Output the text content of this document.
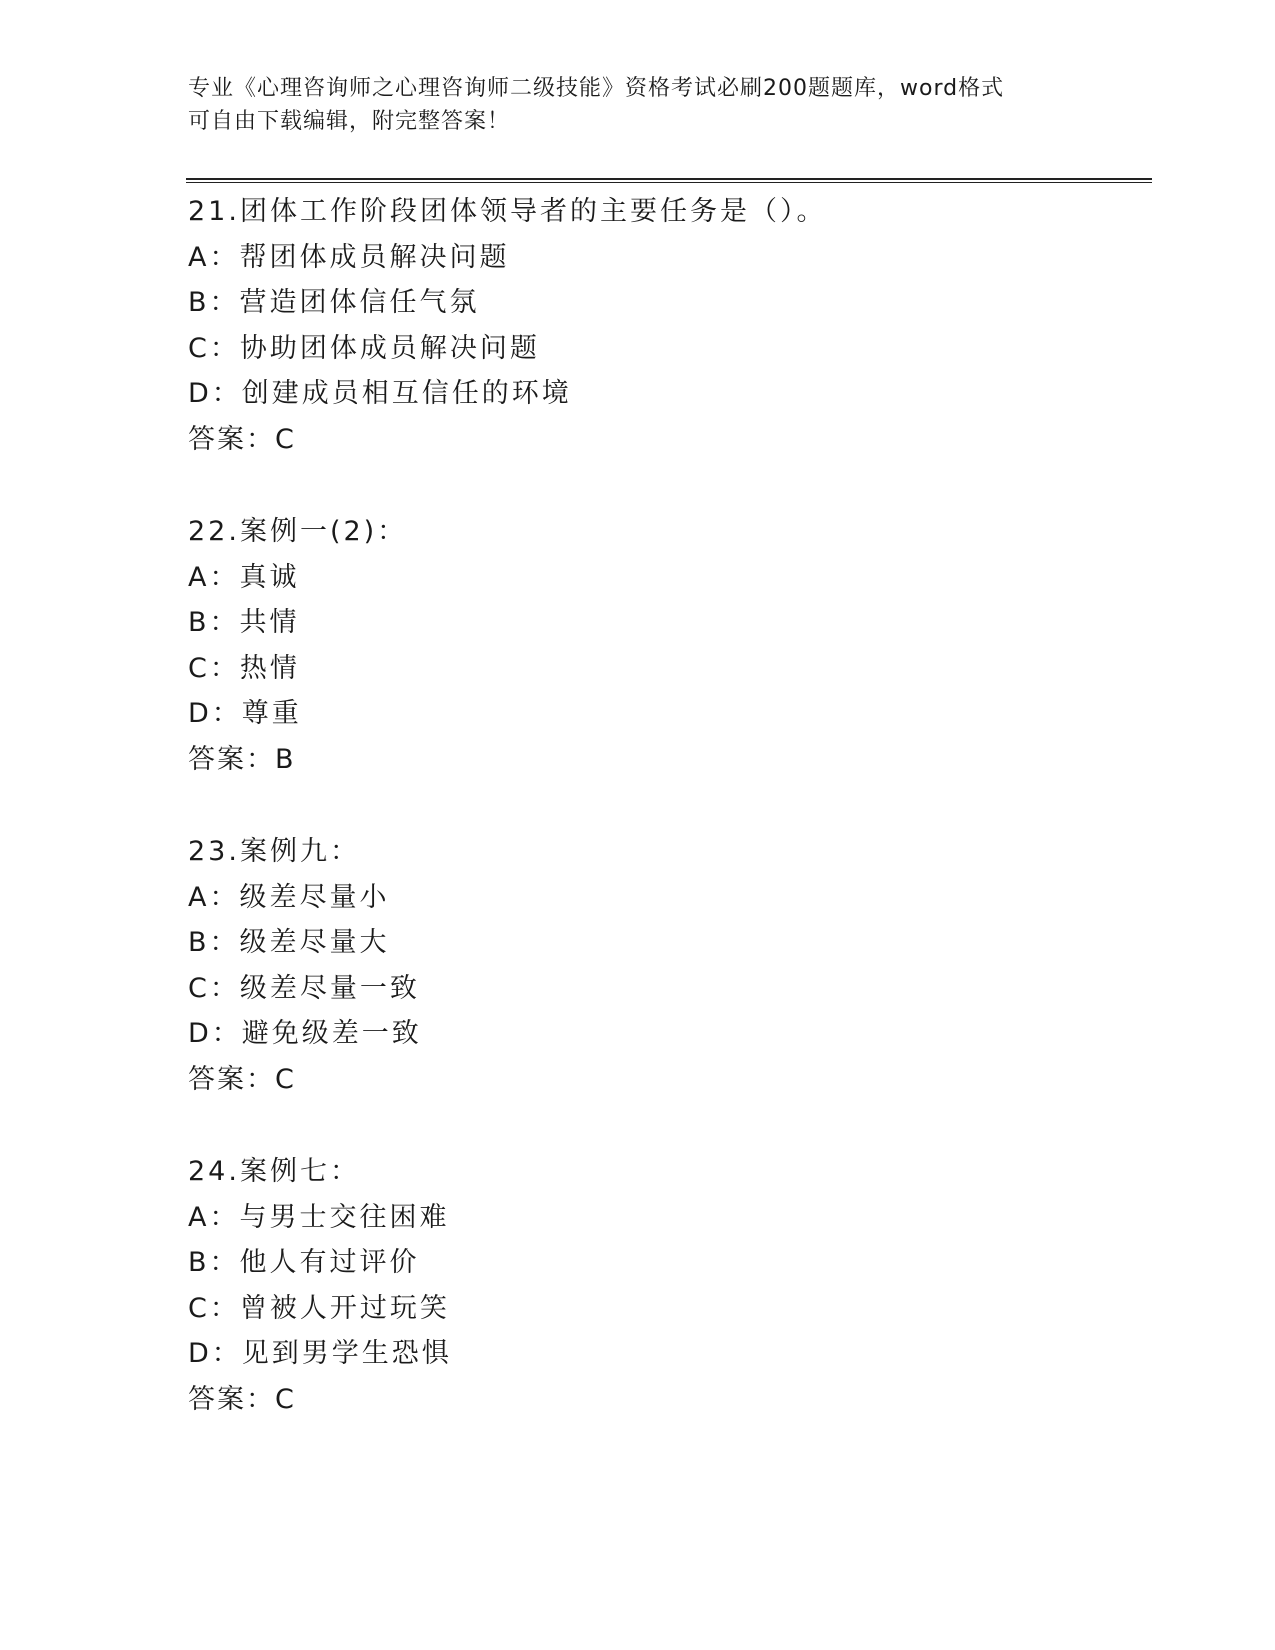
专业《心理咨询师之心理咨询师二级技能》资格考试必刷200题题库，word格式
可自由下载编辑，附完整答案！
21.团体工作阶段团体领导者的主要任务是（）。
A：帮团体成员解决问题
B：营造团体信任气氛
C：协助团体成员解决问题
D：创建成员相互信任的环境
答案：C
22.案例一(2)：
A：真诚
B：共情
C：热情
D：尊重
答案：B
23.案例九：
A：级差尽量小
B：级差尽量大
C：级差尽量一致
D：避免级差一致
答案：C
24.案例七：
A：与男士交往困难
B：他人有过评价
C：曾被人开过玩笑
D：见到男学生恐惧
答案：C
